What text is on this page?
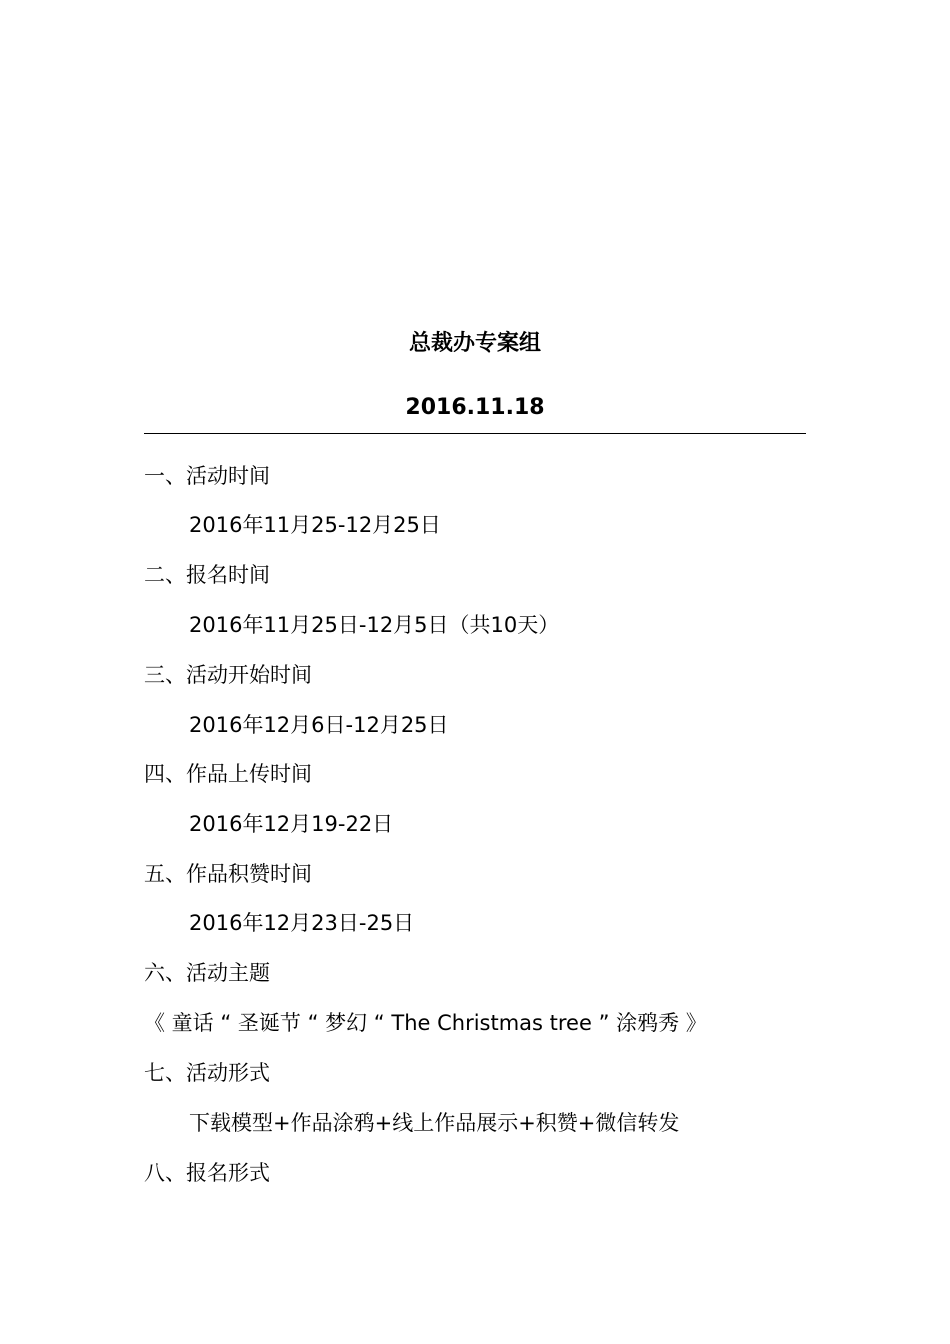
总裁办专案组
2016.11.18
一、活动时间
2016年11月25-12月25日
二、报名时间
2016年11月25日-12月5日（共10天）
三、活动开始时间
2016年12月6日-12月25日
四、作品上传时间
2016年12月19-22日
五、作品积赞时间
2016年12月23日-25日
六、活动主题
《 童话 “ 圣诞节 “ 梦幻 “ The Christmas tree ” 涂鸦秀 》
七、活动形式
下载模型+作品涂鸦+线上作品展示+积赞+微信转发
八、报名形式
